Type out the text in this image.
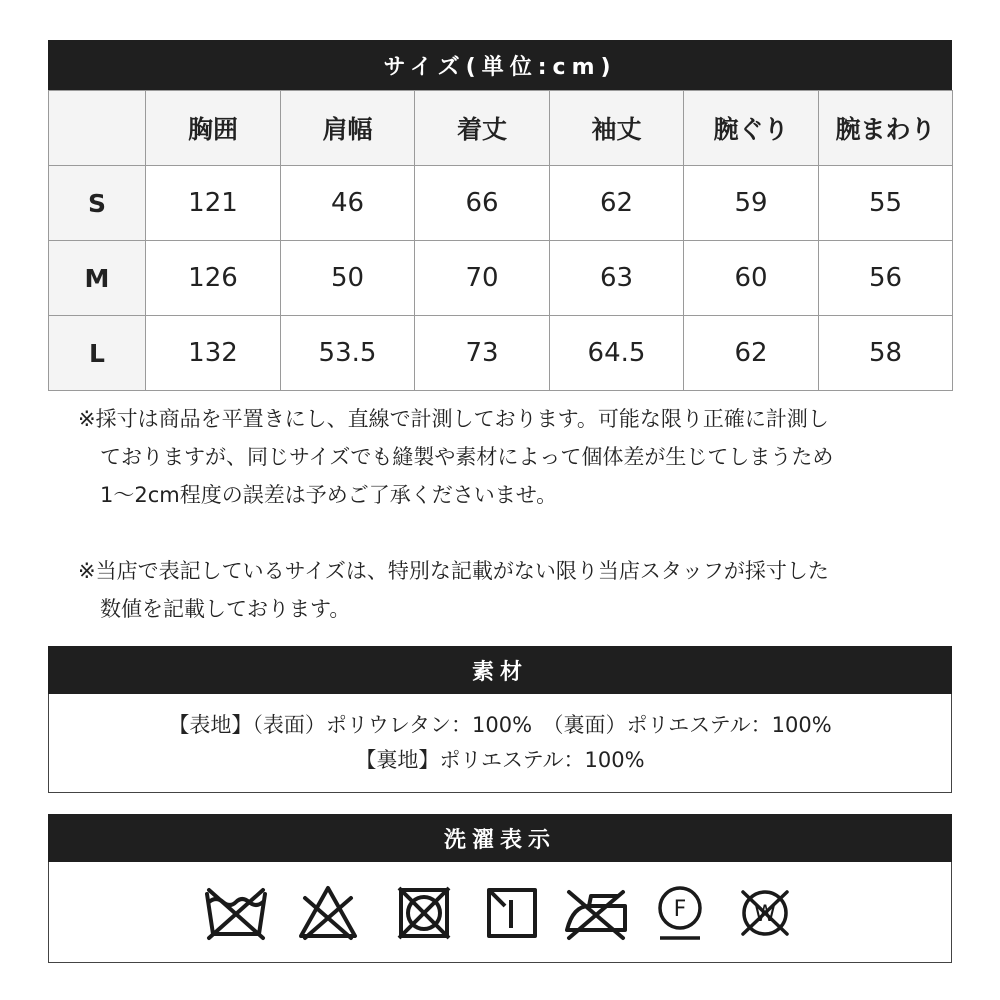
サイズ(単位:cm)
	胸囲	肩幅	着丈	袖丈	腕ぐり	腕まわり
S	121	46	66	62	59	55
M	126	50	70	63	60	56
L	132	53.5	73	64.5	62	58

※採寸は商品を平置きにし、直線で計測しております。可能な限り正確に計測し

ておりますが、同じサイズでも縫製や素材によって個体差が生じてしまうため

1～2cm程度の誤差は予めご了承くださいませ。

※当店で表記しているサイズは、特別な記載がない限り当店スタッフが採寸した

数値を記載しております。

素材
【表地】（表面）ポリウレタン：100%　（裏面）ポリエステル：100%
【裏地】ポリエステル：100%
洗濯表示
F	W
